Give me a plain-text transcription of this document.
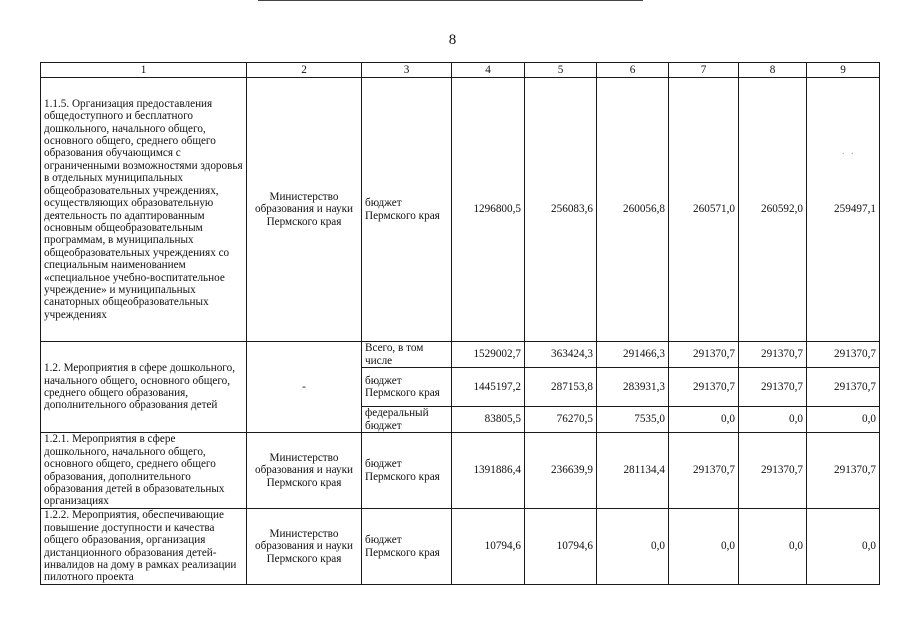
8
. .
1	2	3	4	5	6	7	8	9
1.1.5. Организация предоставления общедоступного и бесплатного дошкольного, начального общего, основного общего, среднего общего образования обучающимся с ограниченными возможностями здоровья в отдельных муниципальных общеобразовательных учреждениях, осуществляющих образовательную деятельность по адаптированным основным общеобразовательным программам, в муниципальных общеобразовательных учреждениях со специальным наименованием «специальное учебно-воспитательное учреждение» и муниципальных санаторных общеобразовательных учреждениях	Министерство образования и науки Пермского края	бюджет Пермского края	1296800,5	256083,6	260056,8	260571,0	260592,0	259497,1
1.2. Мероприятия в сфере дошкольного, начального общего, основного общего, среднего общего образования, дополнительного образования детей	-	Всего, в том числе	1529002,7	363424,3	291466,3	291370,7	291370,7	291370,7
		бюджет Пермского края	1445197,2	287153,8	283931,3	291370,7	291370,7	291370,7
		федеральный бюджет	83805,5	76270,5	7535,0	0,0	0,0	0,0
1.2.1. Мероприятия в сфере дошкольного, начального общего, основного общего, среднего общего образования, дополнительного образования детей в образовательных организациях	Министерство образования и науки Пермского края	бюджет Пермского края	1391886,4	236639,9	281134,4	291370,7	291370,7	291370,7
1.2.2. Мероприятия, обеспечивающие повышение доступности и качества общего образования, организация дистанционного образования детей-инвалидов на дому в рамках реализации пилотного проекта	Министерство образования и науки Пермского края	бюджет Пермского края	10794,6	10794,6	0,0	0,0	0,0	0,0
